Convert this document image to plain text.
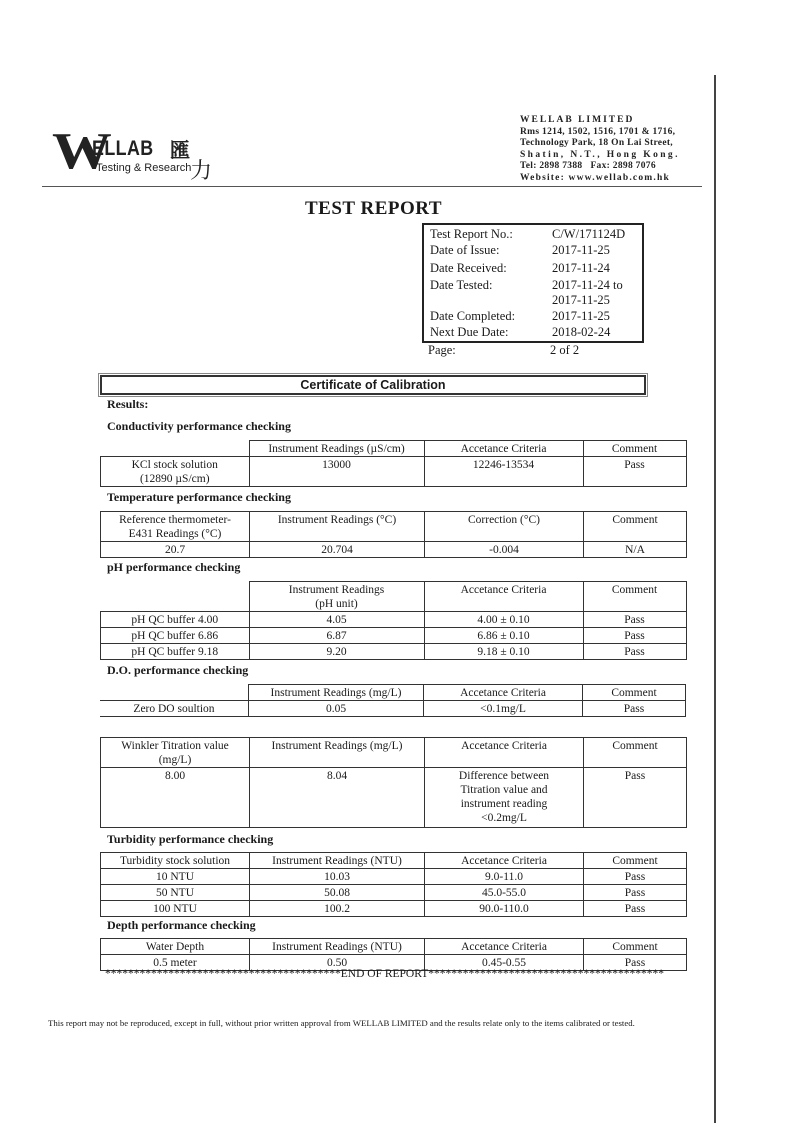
W
ELLAB 匯
Testing & Research
力
WELLAB LIMITED
Rms 1214, 1502, 1516, 1701 & 1716,
Technology Park, 18 On Lai Street,
Shatin, N.T., Hong Kong.
Tel: 2898 7388   Fax: 2898 7076
Website: www.wellab.com.hk
TEST REPORT
Test Report No.:	C/W/171124D
Date of Issue:	2017-11-25
Date Received:	2017-11-24
Date Tested:	2017-11-24 to
2017-11-25
Date Completed:	2017-11-25
Next Due Date:	2018-02-24
Page:	2 of 2
Certificate of Calibration
Results:
Conductivity performance checking
	Instrument Readings (µS/cm)	Accetance Criteria	Comment

KCl stock solution
(12890 µS/cm)	13000	12246-13534	Pass
Temperature performance checking
Reference thermometer-
E431 Readings (°C)	Instrument Readings (°C)	Correction (°C)	Comment
20.7	20.704	-0.004	N/A
pH performance checking

	Instrument Readings
(pH unit)	Accetance Criteria	Comment
pH QC buffer 4.00	4.05	4.00 ± 0.10	Pass
pH QC buffer 6.86	6.87	6.86 ± 0.10	Pass
pH QC buffer 9.18	9.20	9.18 ± 0.10	Pass
D.O. performance checking
	Instrument Readings (mg/L)	Accetance Criteria	Comment
Zero DO soultion	0.05	<0.1mg/L	Pass
Winkler Titration value
(mg/L)	Instrument Readings (mg/L)	Accetance Criteria	Comment
8.00	8.04	Difference between
Titration value and
instrument reading
<0.2mg/L	Pass
Turbidity performance checking
Turbidity stock solution	Instrument Readings (NTU)	Accetance Criteria	Comment
10 NTU	10.03	9.0-11.0	Pass
50 NTU	50.08	45.0-55.0	Pass
100 NTU	100.2	90.0-110.0	Pass
Depth performance checking
Water Depth	Instrument Readings (NTU)	Accetance Criteria	Comment
0.5 meter	0.50	0.45-0.55	Pass
*****************************************END OF REPORT*****************************************
This report may not be reproduced, except in full, without prior written approval from WELLAB LIMITED and the results relate only to the items calibrated or tested.
